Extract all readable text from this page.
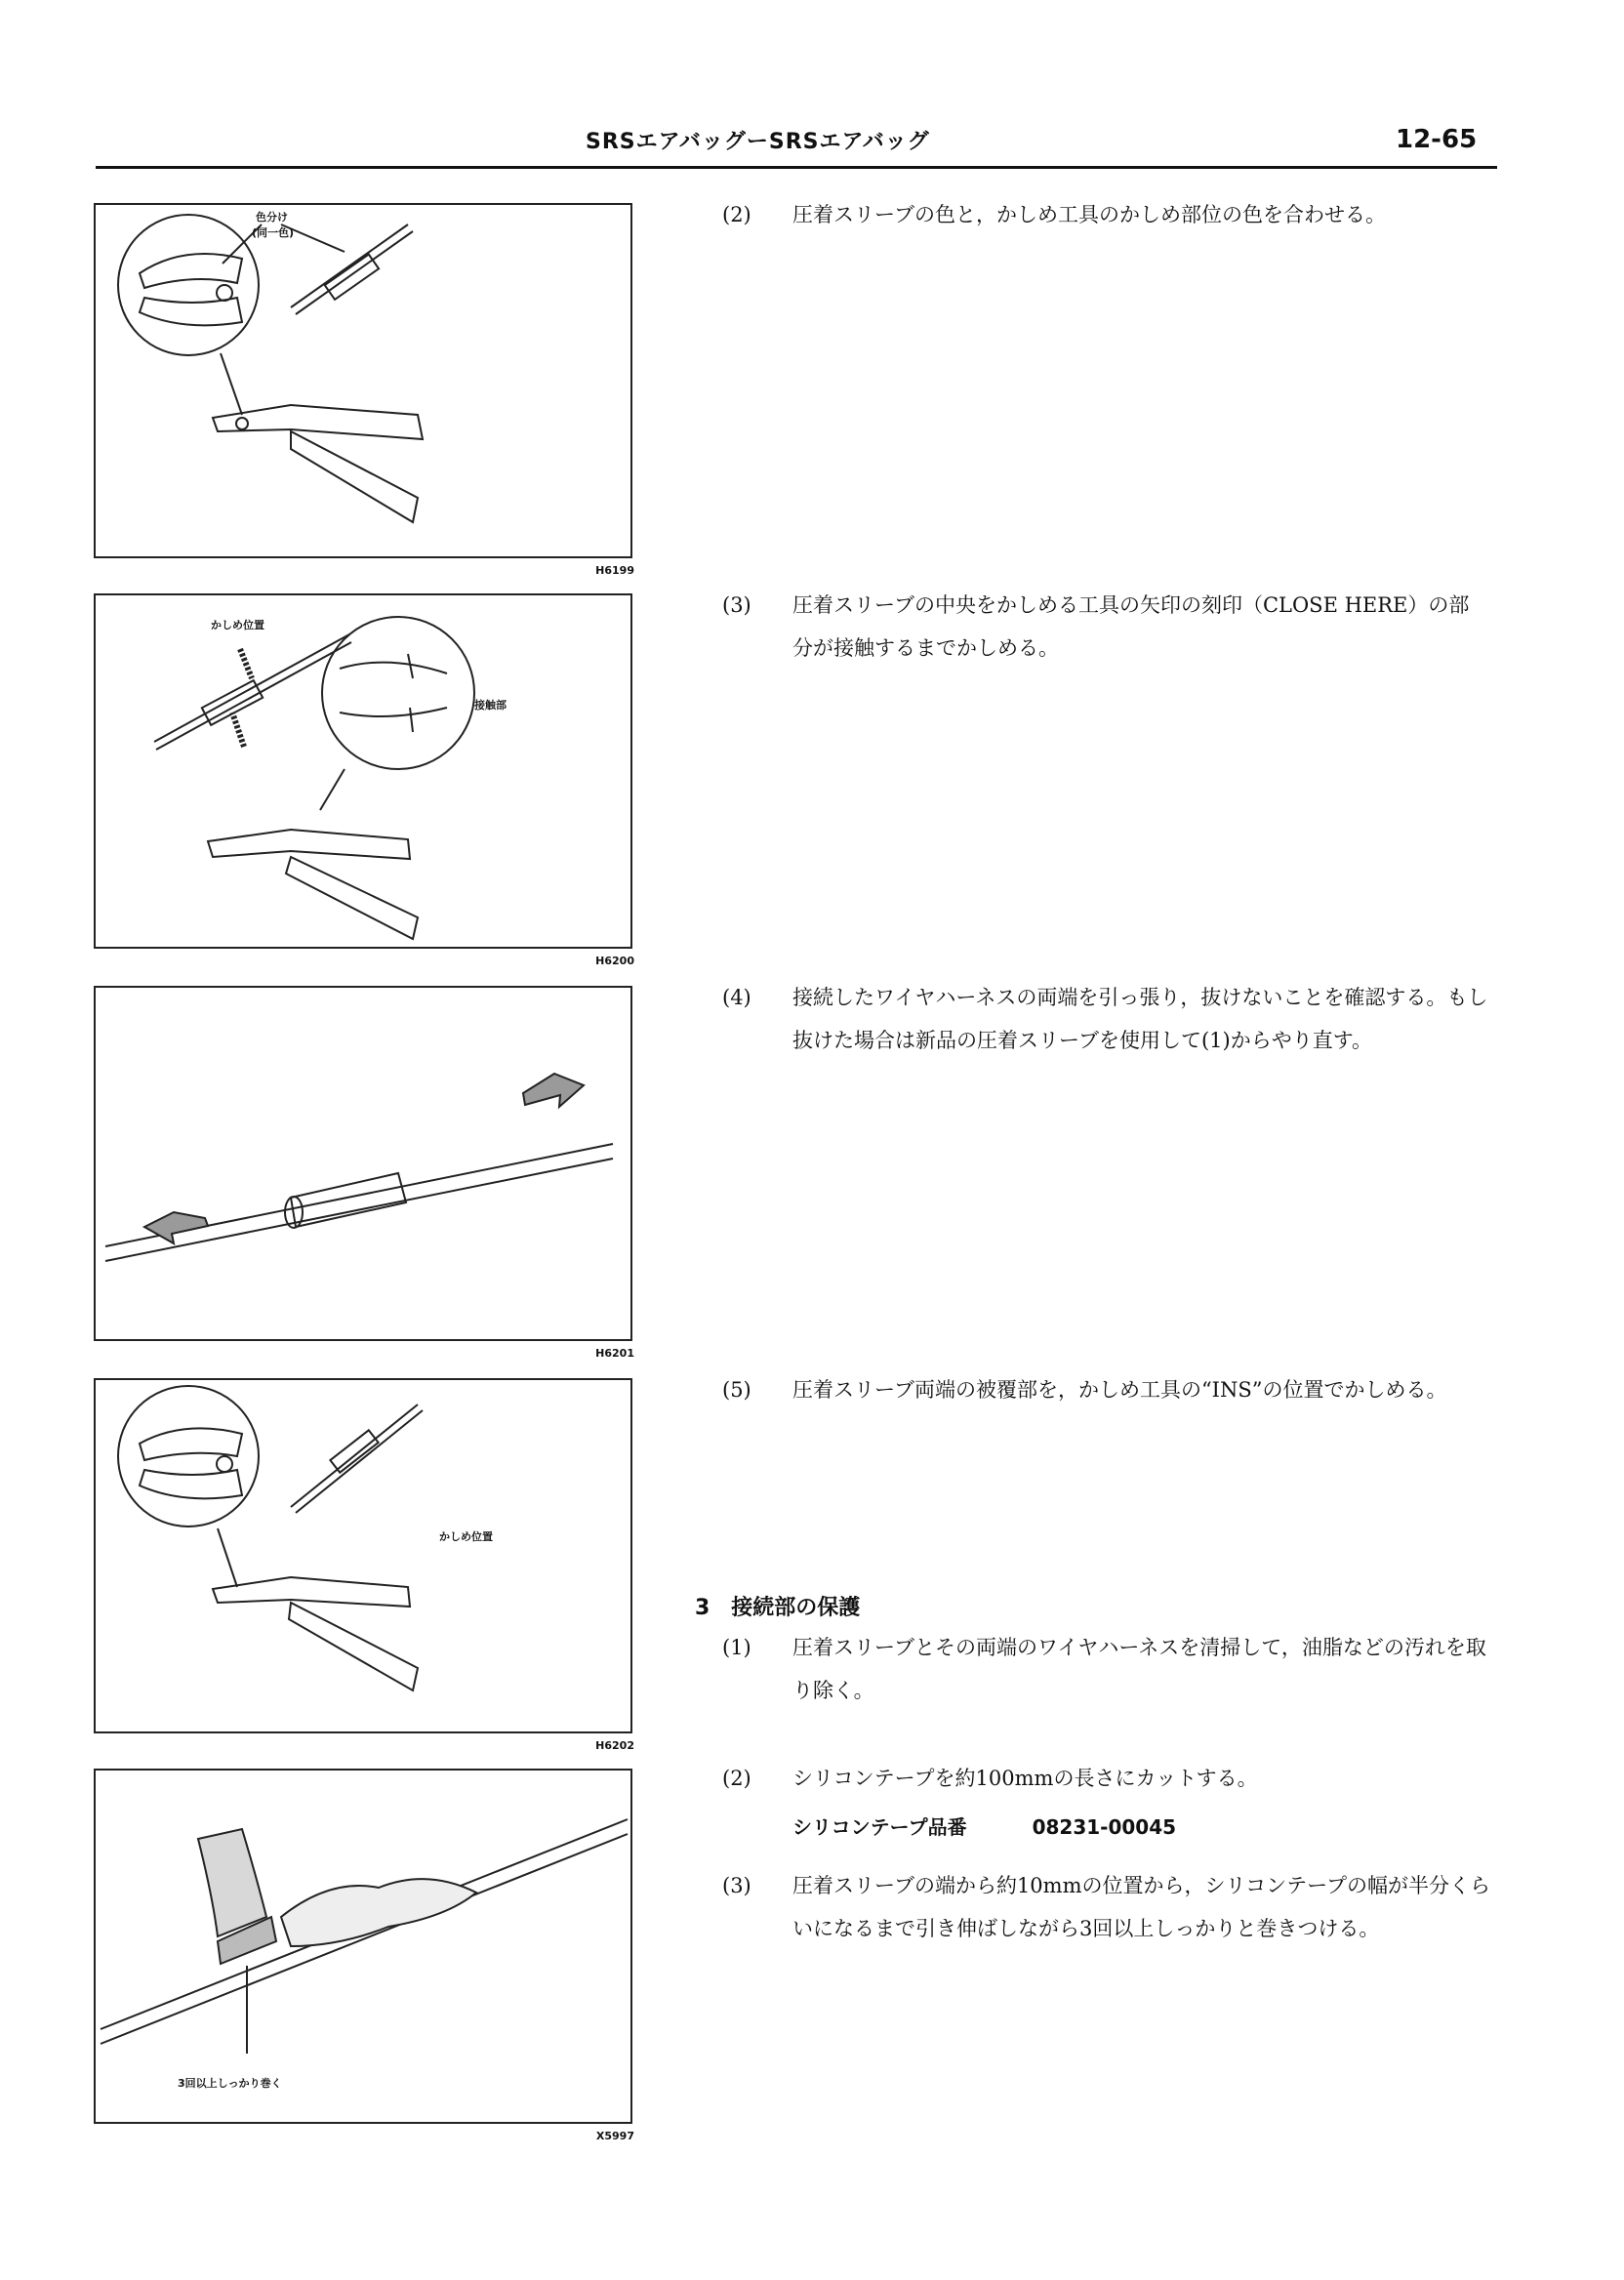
SRSエアバッグーSRSエアバッグ	12-65
色分け
(同一色)
H6199
かしめ位置
接触部
H6200
H6201
かしめ位置
H6202
3回以上しっかり巻く
X5997
(2) 圧着スリーブの色と，かしめ工具のかしめ部位の色を合わせる。
(3) 圧着スリーブの中央をかしめる工具の矢印の刻印（CLOSE HERE）の部分が接触するまでかしめる。
(4) 接続したワイヤハーネスの両端を引っ張り，抜けないことを確認する。もし抜けた場合は新品の圧着スリーブを使用して(1)からやり直す。
(5) 圧着スリーブ両端の被覆部を，かしめ工具の“INS”の位置でかしめる。
3　接続部の保護
(1) 圧着スリーブとその両端のワイヤハーネスを清掃して，油脂などの汚れを取り除く。
(2) シリコンテープを約100mmの長さにカットする。
シリコンテープ品番	08231-00045
(3) 圧着スリーブの端から約10mmの位置から，シリコンテープの幅が半分くらいになるまで引き伸ばしながら3回以上しっかりと巻きつける。
